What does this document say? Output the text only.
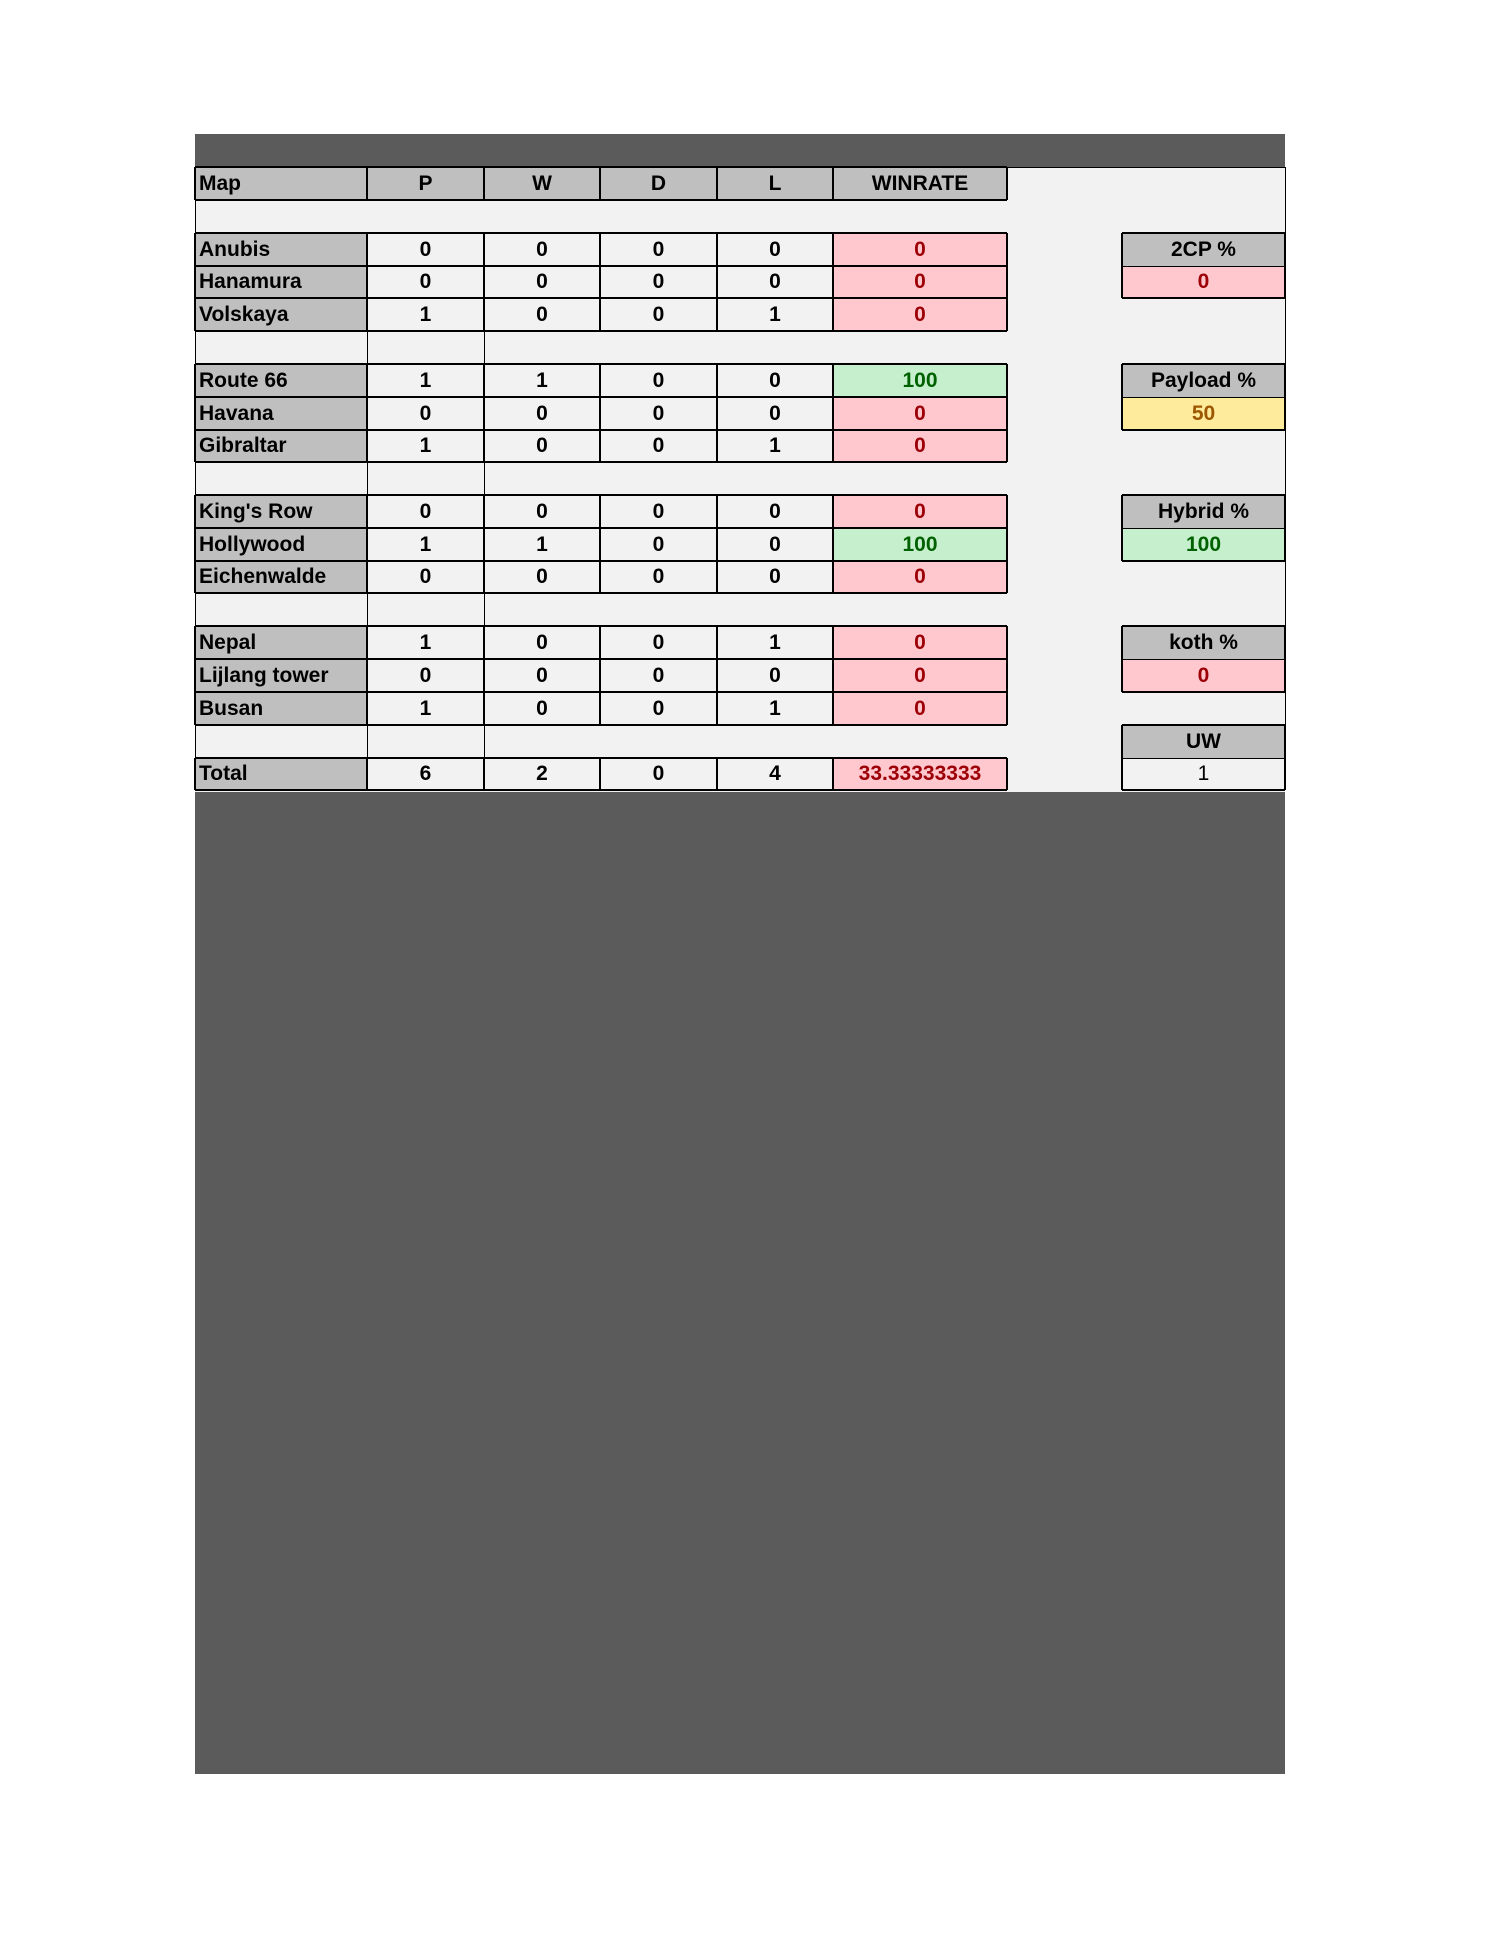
Map	P	W	D	L	WINRATE
Anubis	0	0	0	0	0
Hanamura	0	0	0	0	0
Volskaya	1	0	0	1	0
Route 66	1	1	0	0	100
Havana	0	0	0	0	0
Gibraltar	1	0	0	1	0
King's Row	0	0	0	0	0
Hollywood	1	1	0	0	100
Eichenwalde	0	0	0	0	0
Nepal	1	0	0	1	0
Lijlang tower	0	0	0	0	0
Busan	1	0	0	1	0
Total	6	2	0	4	33.33333333
2CP %
0
Payload %
50
Hybrid %
100
koth %
0
UW
1
